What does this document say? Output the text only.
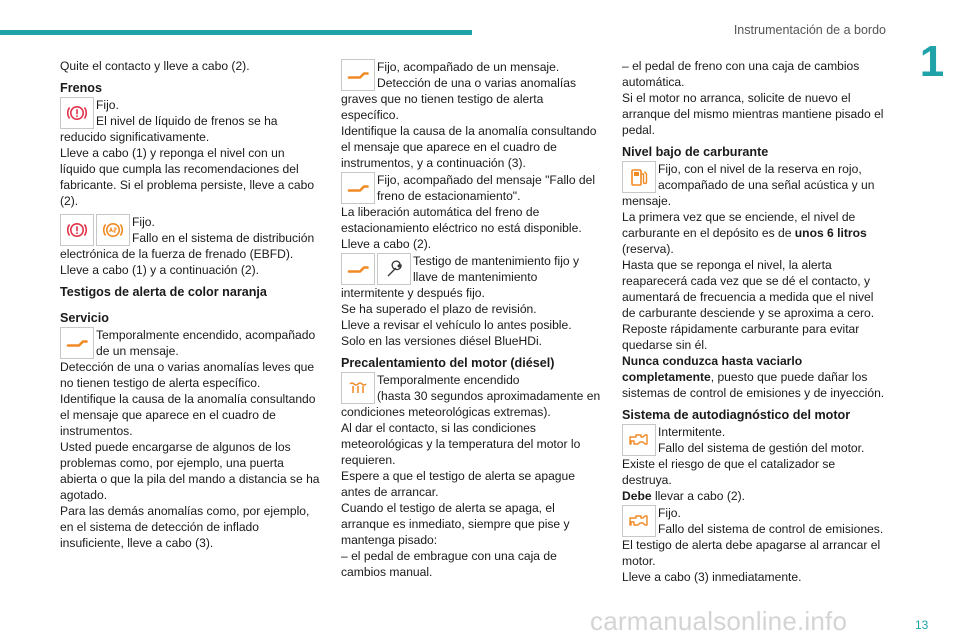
Instrumentación de a bordo
1
13
carmanualsonline.info

Quite el contacto y lleve a cabo (2).

Frenos

Fijo.

El nivel de líquido de frenos se ha

reducido significativamente.
Lleve a cabo (1) y reponga el nivel con un líquido que cumpla las recomendaciones del fabricante. Si el problema persiste, lleve a cabo (2).

Fijo.

Fallo en el sistema de distribución

electrónica de la fuerza de frenado (EBFD).
Lleve a cabo (1) y a continuación (2).

Testigos de alerta de color naranja

Servicio

Temporalmente encendido, acompañado

de un mensaje.

Detección de una o varias anomalías leves que no tienen testigo de alerta específico.
Identifique la causa de la anomalía consultando el mensaje que aparece en el cuadro de instrumentos.
Usted puede encargarse de algunos de los problemas como, por ejemplo, una puerta abierta o que la pila del mando a distancia se ha agotado.
Para las demás anomalías como, por ejemplo, en el sistema de detección de inflado insuficiente, lleve a cabo (3).

Fijo, acompañado de un mensaje.

Detección de una o varias anomalías

graves que no tienen testigo de alerta específico.
Identifique la causa de la anomalía consultando el mensaje que aparece en el cuadro de instrumentos, y a continuación (3).

Fijo, acompañado del mensaje "Fallo del

freno de estacionamiento".

La liberación automática del freno de estacionamiento eléctrico no está disponible.
Lleve a cabo (2).

Testigo de mantenimiento fijo y

llave de mantenimiento

intermitente y después fijo.
Se ha superado el plazo de revisión.
Lleve a revisar el vehículo lo antes posible.
Solo en las versiones diésel BlueHDi.

Precalentamiento del motor (diésel)

Temporalmente encendido

(hasta 30 segundos aproximadamente en

condiciones meteorológicas extremas).
Al dar el contacto, si las condiciones meteorológicas y la temperatura del motor lo requieren.
Espere a que el testigo de alerta se apague antes de arrancar.
Cuando el testigo de alerta se apaga, el arranque es inmediato, siempre que pise y mantenga pisado:
– el pedal de embrague con una caja de cambios manual.

– el pedal de freno con una caja de cambios automática.
Si el motor no arranca, solicite de nuevo el arranque del mismo mientras mantiene pisado el pedal.

Nivel bajo de carburante

Fijo, con el nivel de la reserva en rojo,

acompañado de una señal acústica y un

mensaje.
La primera vez que se enciende, el nivel de carburante en el depósito es de unos 6 litros
(reserva).
Hasta que se reponga el nivel, la alerta reaparecerá cada vez que se dé el contacto, y aumentará de frecuencia a medida que el nivel de carburante desciende y se aproxima a cero.
Reposte rápidamente carburante para evitar quedarse sin él.

Nunca conduzca hasta vaciarlo completamente, puesto que puede dañar los sistemas de control de emisiones y de inyección.

Sistema de autodiagnóstico del motor

Intermitente.

Fallo del sistema de gestión del motor.

Existe el riesgo de que el catalizador se destruya.

Debe llevar a cabo (2).

Fijo.

Fallo del sistema de control de emisiones.

El testigo de alerta debe apagarse al arrancar el motor.
Lleve a cabo (3) inmediatamente.
